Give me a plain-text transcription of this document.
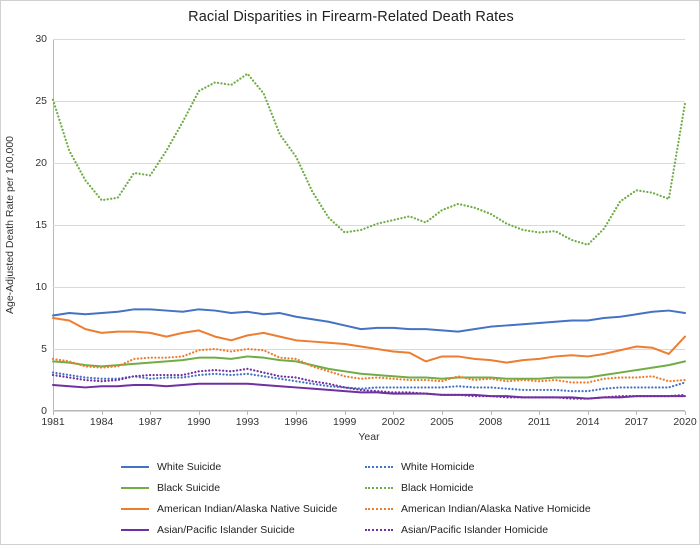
Racial Disparities in Firearm-Related Death Rates
Age-Adjusted Death Rate per 100,000
0
5
10
15
20
25
30
1981 1984 1987 1990 1993 1996 1999 2002 2005 2008 2011 2014 2017 2020
Year
White Suicide	White Homicide
Black Suicide	Black Homicide
American Indian/Alaska Native Suicide	American Indian/Alaska Native Homicide
Asian/Pacific Islander Suicide	Asian/Pacific Islander Homicide
